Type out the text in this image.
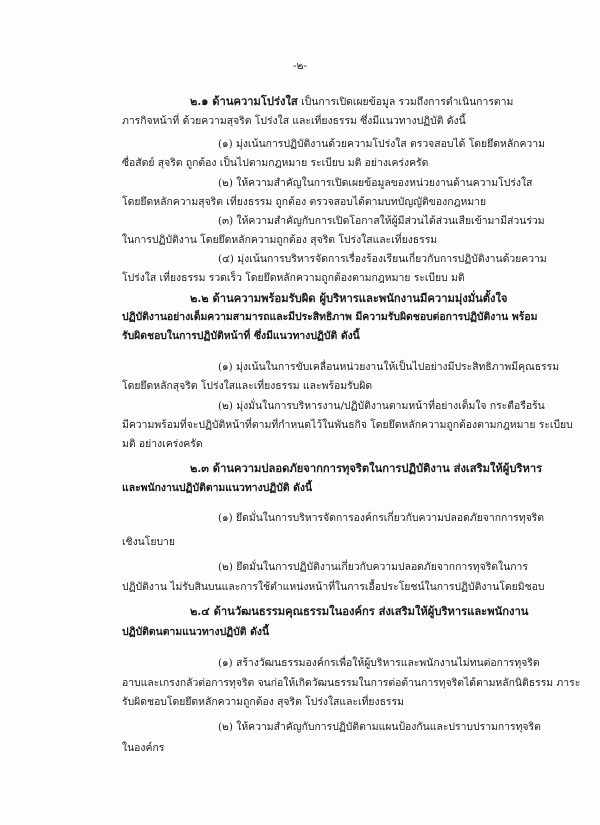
-๒-
๒.๑ ด้านความโปร่งใส เป็นการเปิดเผยข้อมูล รวมถึงการดำเนินการตาม
ภารกิจหน้าที่ ด้วยความสุจริต โปร่งใส และเที่ยงธรรม ซึ่งมีแนวทางปฏิบัติ ดังนี้
(๑) มุ่งเน้นการปฏิบัติงานด้วยความโปร่งใส ตรวจสอบได้ โดยยึดหลักความ
ซื่อสัตย์ สุจริต ถูกต้อง เป็นไปตามกฎหมาย ระเบียบ มติ อย่างเคร่งครัด
(๒) ให้ความสำคัญในการเปิดเผยข้อมูลของหน่วยงานด้านความโปร่งใส
โดยยึดหลักความสุจริต เที่ยงธรรม ถูกต้อง ตรวจสอบได้ตามบทบัญญัติของกฎหมาย
(๓) ให้ความสำคัญกับการเปิดโอกาสให้ผู้มีส่วนได้ส่วนเสียเข้ามามีส่วนร่วม
ในการปฏิบัติงาน โดยยึดหลักความถูกต้อง สุจริต โปร่งใสและเที่ยงธรรม
(๔) มุ่งเน้นการบริหารจัดการเรื่องร้องเรียนเกี่ยวกับการปฏิบัติงานด้วยความ
โปร่งใส เที่ยงธรรม รวดเร็ว โดยยึดหลักความถูกต้องตามกฎหมาย ระเบียบ มติ
๒.๒ ด้านความพร้อมรับผิด ผู้บริหารและพนักงานมีความมุ่งมั่นตั้งใจ
ปฏิบัติงานอย่างเต็มความสามารถและมีประสิทธิภาพ มีความรับผิดชอบต่อการปฏิบัติงาน พร้อม
รับผิดชอบในการปฏิบัติหน้าที่ ซึ่งมีแนวทางปฏิบัติ ดังนี้
(๑) มุ่งเน้นในการขับเคลื่อนหน่วยงานให้เป็นไปอย่างมีประสิทธิภาพมีคุณธรรม
โดยยึดหลักสุจริต โปร่งใสและเที่ยงธรรม และพร้อมรับผิด
(๒) มุ่งมั่นในการบริหารงาน/ปฏิบัติงานตามหน้าที่อย่างเต็มใจ กระตือรือร้น
มีความพร้อมที่จะปฏิบัติหน้าที่ตามที่กำหนดไว้ในพันธกิจ โดยยึดหลักความถูกต้องตามกฎหมาย ระเบียบ
มติ อย่างเคร่งครัด
๒.๓ ด้านความปลอดภัยจากการทุจริตในการปฏิบัติงาน ส่งเสริมให้ผู้บริหาร
และพนักงานปฏิบัติตามแนวทางปฏิบัติ ดังนี้
(๑) ยึดมั่นในการบริหารจัดการองค์กรเกี่ยวกับความปลอดภัยจากการทุจริต
เชิงนโยบาย
(๒) ยึดมั่นในการปฏิบัติงานเกี่ยวกับความปลอดภัยจากการทุจริตในการ
ปฏิบัติงาน ไม่รับสินบนและการใช้ตำแหน่งหน้าที่ในการเอื้อประโยชน์ในการปฏิบัติงานโดยมิชอบ
๒.๔ ด้านวัฒนธรรมคุณธรรมในองค์กร ส่งเสริมให้ผู้บริหารและพนักงาน
ปฏิบัติตนตามแนวทางปฏิบัติ ดังนี้
(๑) สร้างวัฒนธรรมองค์กรเพื่อให้ผู้บริหารและพนักงานไม่ทนต่อการทุจริต
อาบและเกรงกลัวต่อการทุจริต จนก่อให้เกิดวัฒนธรรมในการต่อต้านการทุจริตได้ตามหลักนิติธรรม ภาระ
รับผิดชอบโดยยึดหลักความถูกต้อง สุจริต โปร่งใสและเที่ยงธรรม
(๒) ให้ความสำคัญกับการปฏิบัติตามแผนป้องกันและปราบปรามการทุจริต
ในองค์กร
